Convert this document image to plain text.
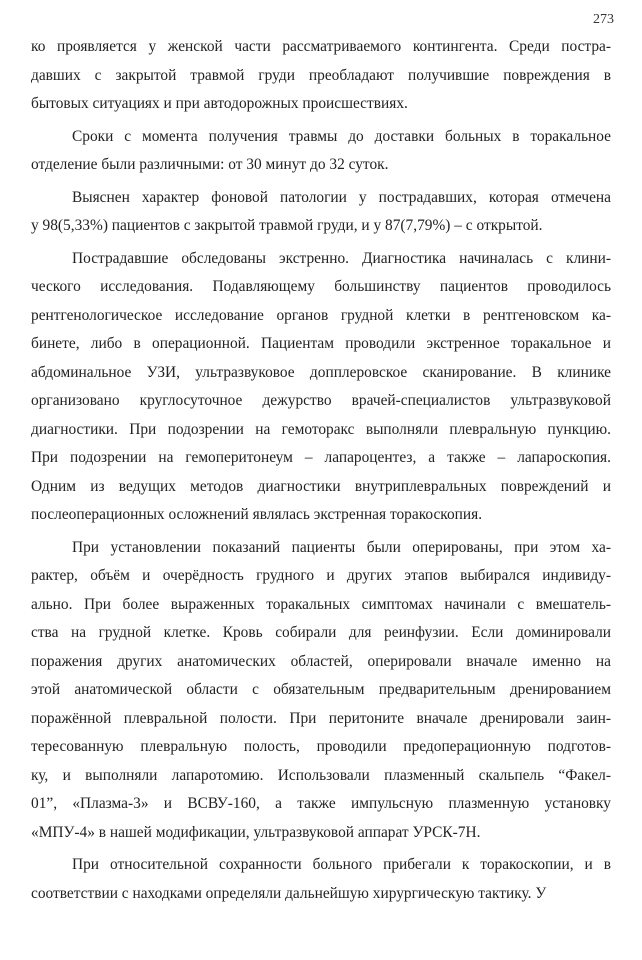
273
ко проявляется у женской части рассматриваемого контингента. Среди постра-
давших с закрытой травмой груди преобладают получившие повреждения в
бытовых ситуациях и при автодорожных происшествиях.
Сроки с момента получения травмы до доставки больных в торакальное
отделение были различными: от 30 минут до 32 суток.
Выяснен характер фоновой патологии у пострадавших, которая отмечена
у 98(5,33%) пациентов с закрытой травмой груди, и у 87(7,79%) – с открытой.
Пострадавшие обследованы экстренно. Диагностика начиналась с клини-
ческого исследования. Подавляющему большинству пациентов проводилось
рентгенологическое исследование органов грудной клетки в рентгеновском ка-
бинете, либо в операционной. Пациентам проводили экстренное торакальное и
абдоминальное УЗИ, ультразвуковое допплеровское сканирование. В клинике
организовано круглосуточное дежурство врачей-специалистов ультразвуковой
диагностики. При подозрении на гемоторакс выполняли плевральную пункцию.
При подозрении на гемоперитонеум – лапароцентез, а также – лапароскопия.
Одним из ведущих методов диагностики внутриплевральных повреждений и
послеоперационных осложнений являлась экстренная торакоскопия.
При установлении показаний пациенты были оперированы, при этом ха-
рактер, объём и очерёдность грудного и других этапов выбирался индивиду-
ально. При более выраженных торакальных симптомах начинали с вмешатель-
ства на грудной клетке. Кровь собирали для реинфузии. Если доминировали
поражения других анатомических областей, оперировали вначале именно на
этой анатомической области с обязательным предварительным дренированием
поражённой плевральной полости. При перитоните вначале дренировали заин-
тересованную плевральную полость, проводили предоперационную подготов-
ку, и выполняли лапаротомию. Использовали плазменный скальпель “Факел-
01”, «Плазма-3» и ВСВУ-160, а также импульсную плазменную установку
«МПУ-4» в нашей модификации, ультразвуковой аппарат УРСК-7Н.
При относительной сохранности больного прибегали к торакоскопии, и в
соответствии с находками определяли дальнейшую хирургическую тактику. У
